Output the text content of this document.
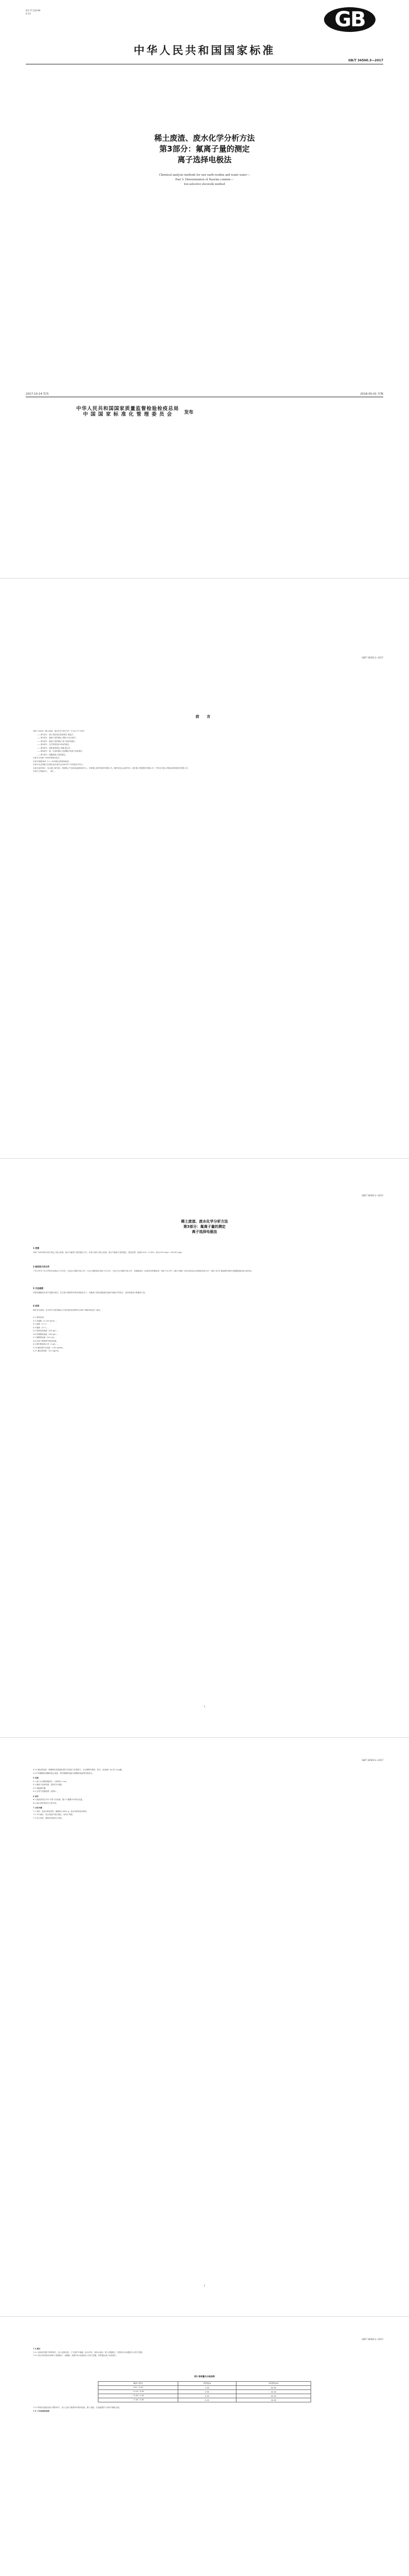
ICS 77.120.99
H 14	GB
中华人民共和国国家标准
GB/T 34500.3—2017
稀土废渣、废水化学分析方法
第3部分：氟离子量的测定
离子选择电极法
Chemical analysis methods for rare earth residue and waste water—
Part 3: Determination of fluorine content—
Ion selective electrode method
2017-10-14 发布	2018-05-01 实施
中华人民共和国国家质量监督检验检疫总局
中 国 国 家 标 准 化 管 理 委 员 会	发布
GB/T 34500.3—2017
前 言
GB/T 34500《稀土废渣、废水化学分析方法》分为以下7个部分：
——第1部分：稀土氧化物总量的测定 重量法；
——第2部分：氟离子量的测定 蒸馏-分光光度法；
——第3部分：氟离子量的测定 离子选择电极法；
——第4部分：化学需氧量(COD)的测定；
——第5部分：氨氮量的测定 蒸馏-滴定法；
——第6部分：铀、钍量的测定 电感耦合等离子体质谱法；
——第7部分：硫酸根离子量的测定。
本部分为GB/T 34500的第3部分。
本部分按照GB/T 1.1—2009给出的规则起草。
本部分由全国稀土标准化技术委员会(SAC/TC 229)提出并归口。
本部分起草单位：包头稀土研究院、国家稀土产品质量监督检验中心、有研稀土新材料股份有限公司、赣州有色冶金研究所、虔东稀土集团股份有限公司、中国北方稀土(集团)高科技股份有限公司。
本部分主要起草人：（略）。
GB/T 34500.3—2017
稀土废渣、废水化学分析方法
第3部分：氟离子量的测定
离子选择电极法
1 范围
GB/T 34500的本部分规定了稀土废渣、废水中氟离子量的测定方法。本部分适用于稀土废渣、废水中氟离子量的测定。测定范围：废渣0.01%～2.00%；废水0.50 mg/L～100.00 mg/L。
2 规范性引用文件
下列文件对于本文件的应用是必不可少的。凡是注日期的引用文件，仅注日期的版本适用于本文件。凡是不注日期的引用文件，其最新版本（包括所有的修改单）适用于本文件。GB/T 6682 分析实验室用水规格和试验方法；GB/T 8170 数值修约规则与极限数值的表示和判定。
3 方法提要
试样经碱熔或水蒸气蒸馏分离后，在总离子强度调节缓冲溶液存在下，用氟离子选择电极测定溶液中氟离子的电位，由标准曲线计算氟离子量。
4 试剂
除非另有说明，在分析中仅使用确认为分析纯的试剂和符合GB/T 6682规定的二级水。
4.1 氢氧化钠。
4.2 高氯酸（ρ 1.67 g/mL）。
4.3 盐酸（1+1）。
4.4 硫酸（1+1）。
4.5 氢氧化钠溶液（200 g/L）。
4.6 柠檬酸钠溶液（294 g/L）。
4.7 硝酸钾溶液（101 g/L）。
4.8 总离子强度调节缓冲溶液。
4.9 溴甲酚绿指示剂（1 g/L）。
4.10 氟标准贮存溶液：1.00 mg/mL。
4.11 氟标准溶液：10.0 μg/mL。
1
GB/T 34500.3—2017
4.12 氟标准溶液：准确移取适量氟标准贮存溶液于容量瓶中，以水稀释至刻度，混匀。此溶液1 mL含1.0 μg氟。
4.13 柠檬酸钠-硝酸钾混合溶液：将柠檬酸钠溶液与硝酸钾溶液等体积混合。
5 仪器
5.1 离子计或精密酸度计，分辨率0.1 mV。
5.2 氟离子选择电极、饱和甘汞电极。
5.3 电磁搅拌器。
5.4 水蒸气蒸馏装置（见图1）。
6 试样
6.1 废渣试样在105 ℃烘干至恒重，置于干燥器中冷却至室温。
6.2 废水试样取样后立即分析。
7 分析步骤
7.1 试料：按表1称取试样，精确至0.0001 g；废水试样按表1移取。
7.2 平行测定：独立地进行两次测定，取其平均值。
7.3 空白试验：随同试料做空白试验。
2
GB/T 34500.3—2017
7.4 测定
7.4.1 废渣试料置于镍坩埚中，加入氢氧化钠，于马弗炉中熔融，取出冷却，用热水浸取，移入蒸馏瓶中，按图1所示装置进行水蒸气蒸馏。
7.4.2 废水试料按表1移取于蒸馏瓶中，加硫酸，按图1所示装置进行水蒸气蒸馏，收集馏出液于容量瓶中。
表1 称样量与分取体积
氟离子量/%	试料量/g	分取体积/mL
0.01～0.10	1.00	50.00
＞0.10～0.50	0.50	25.00
＞0.50～1.00	0.20	20.00
＞1.00～2.00	0.10	10.00
7.4.3 移取适量馏出液于塑料杯中，加入总离子强度调节缓冲溶液，插入电极，在电磁搅拌下读取平衡电位值。
7.5 工作曲线的绘制
